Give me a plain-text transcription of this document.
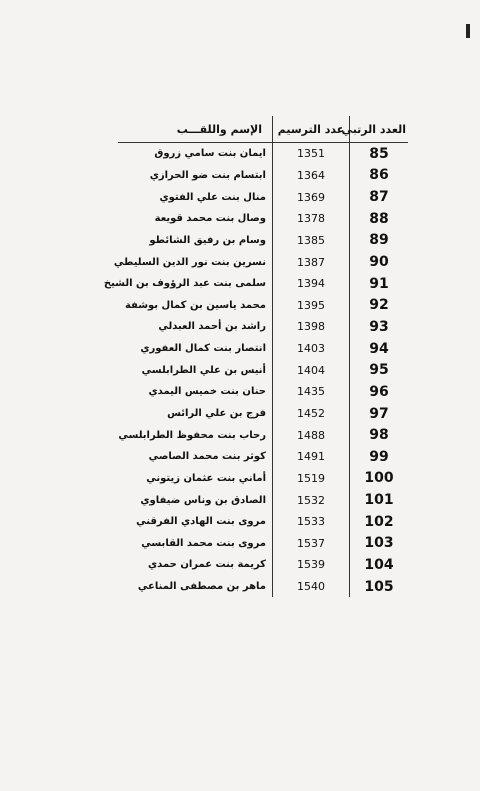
العدد الرتبي	عدد الترسيم	الإسم واللقـــب
85	1351	ايمان بنت سامي زروق
86	1364	ابتسام بنت ضو الحرازي
87	1369	منال بنت علي الفتوي
88	1378	وصال بنت محمد قويعة
89	1385	وسام بن رفيق الشائطو
90	1387	نسرين بنت نور الدين السليطي
91	1394	سلمى بنت عبد الرؤوف بن الشيخ
92	1395	محمد ياسين بن كمال بوشفة
93	1398	راشد بن أحمد العبدلي
94	1403	انتصار بنت كمال العفوري
95	1404	أنيس بن علي الطرابلسي
96	1435	حنان بنت خميس اليمدي
97	1452	فرج بن علي الرائس
98	1488	رحاب بنت محفوظ الطرابلسي
99	1491	كوثر بنت محمد الصاصي
100	1519	أماني بنت عثمان زيتوني
101	1532	الصادق بن وناس ضيفاوي
102	1533	مروى بنت الهادي الفرقني
103	1537	مروى بنت محمد القابسي
104	1539	كريمة بنت عمران حمدي
105	1540	ماهر بن مصطفى المناعي
